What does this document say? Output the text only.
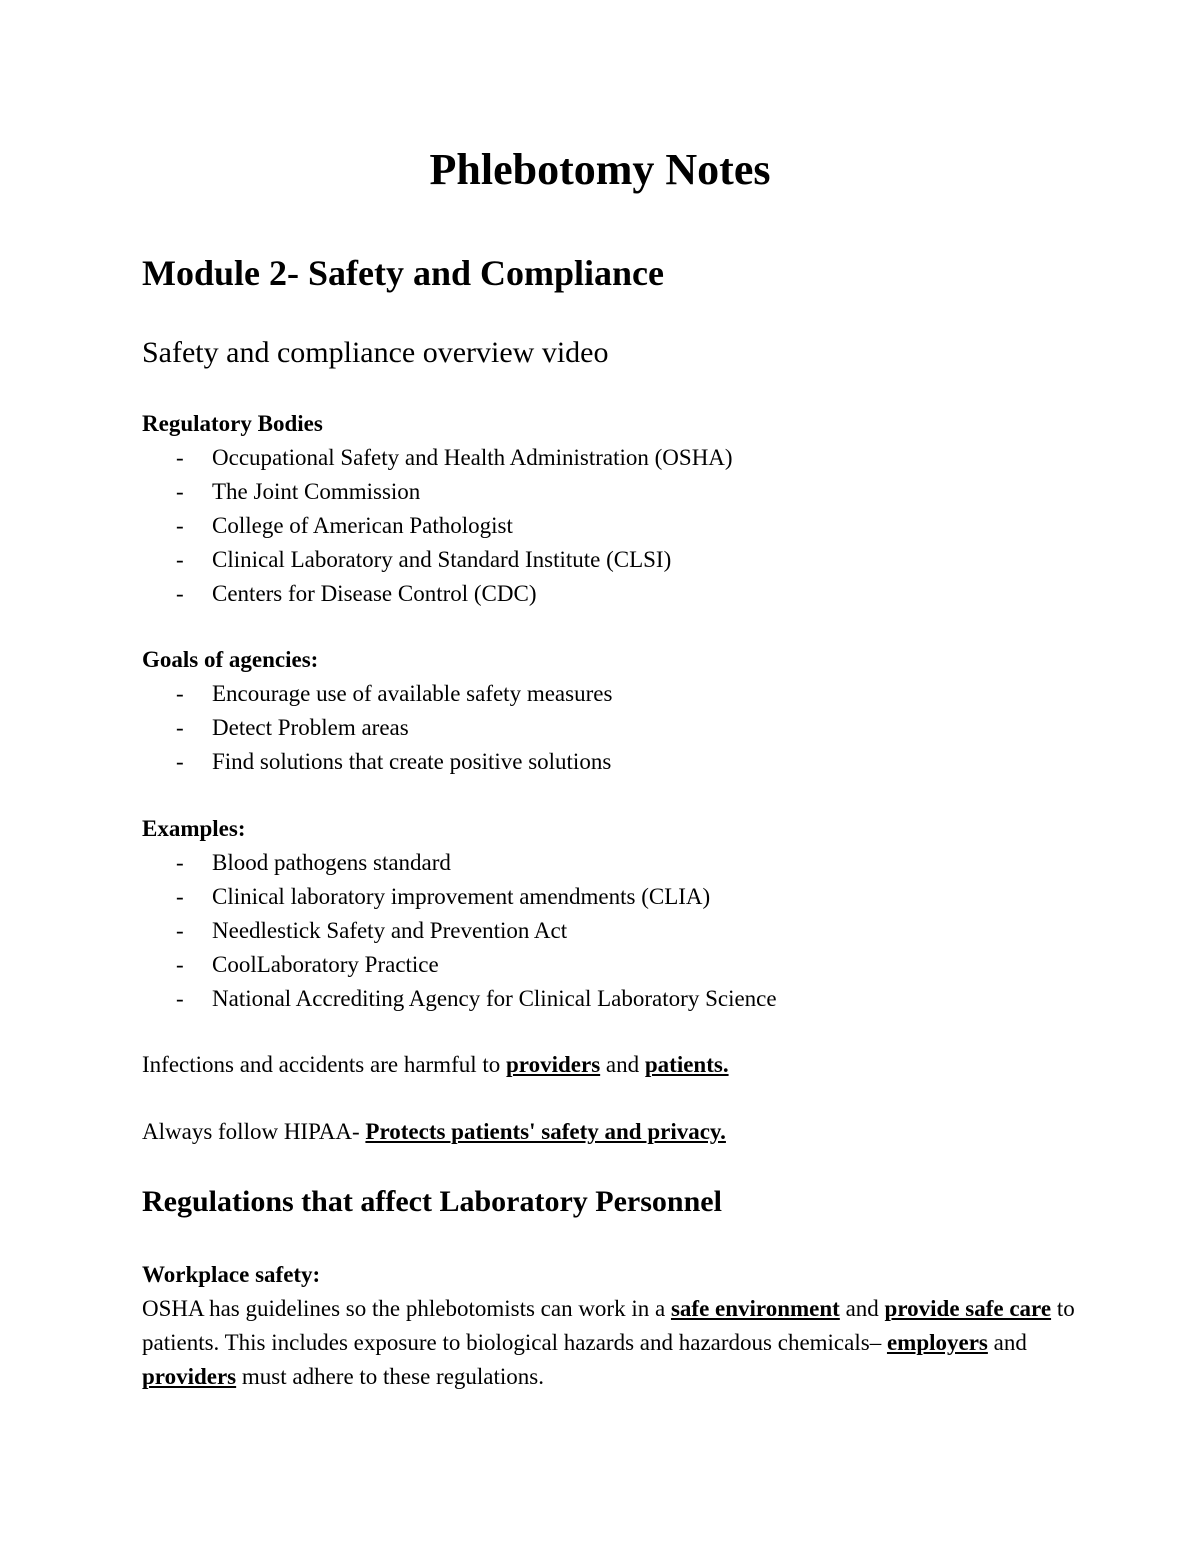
Phlebotomy Notes
Module 2- Safety and Compliance
Safety and compliance overview video

Regulatory Bodies

- Occupational Safety and Health Administration (OSHA)
- The Joint Commission
- College of American Pathologist
- Clinical Laboratory and Standard Institute (CLSI)
- Centers for Disease Control (CDC)

Goals of agencies:

- Encourage use of available safety measures
- Detect Problem areas
- Find solutions that create positive solutions

Examples:

- Blood pathogens standard
- Clinical laboratory improvement amendments (CLIA)
- Needlestick Safety and Prevention Act
- CoolLaboratory Practice
- National Accrediting Agency for Clinical Laboratory Science

Infections and accidents are harmful to providers and patients.

Always follow HIPAA- Protects patients' safety and privacy.

Regulations that affect Laboratory Personnel

Workplace safety:

OSHA has guidelines so the phlebotomists can work in a safe environment and provide safe care to patients. This includes exposure to biological hazards and hazardous chemicals– employers and providers must adhere to these regulations.
